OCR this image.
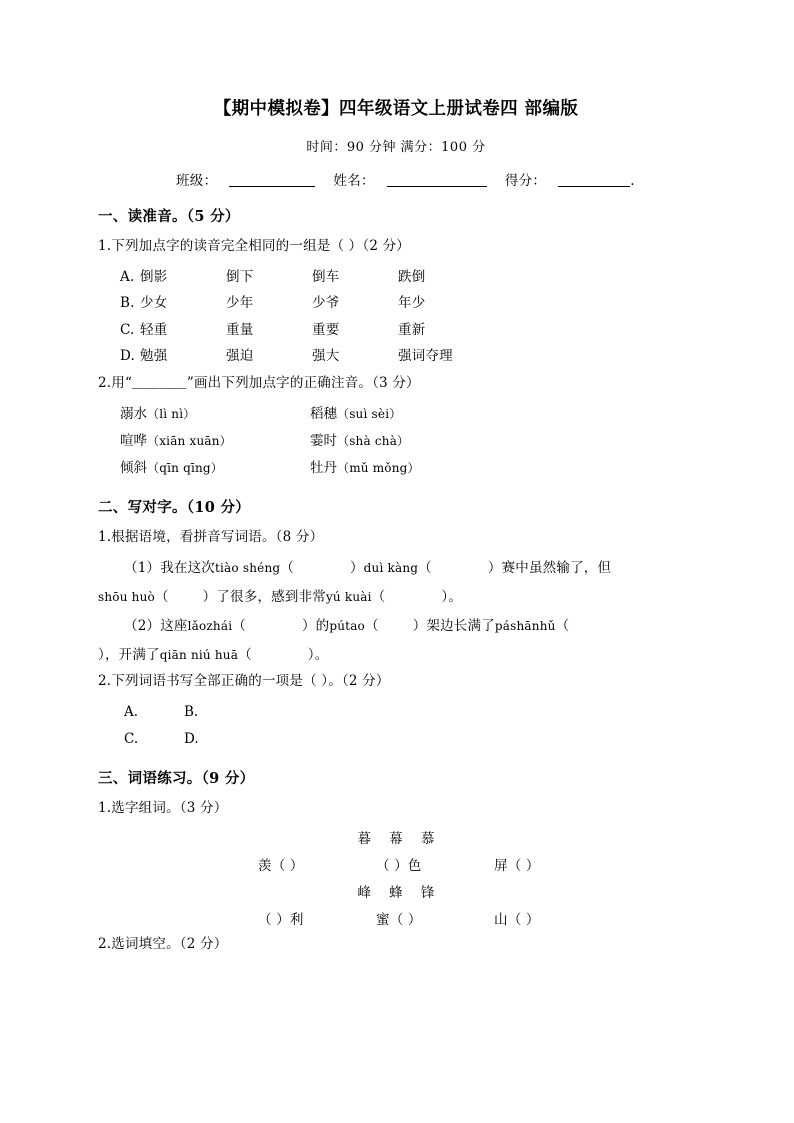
【期中模拟卷】四年级语文上册试卷四 部编版
时间：90 分钟 满分：100 分
班级：	姓名：	得分：	.
一、读准音。（5 分）
1.下列加点字的读音完全相同的一组是（ ）（2 分）
A. 倒影	倒下	倒车	跌倒
B. 少女	少年	少爷	年少
C. 轻重	重量	重要	重新
D. 勉强	强迫	强大	强词夺理
2.用“＿＿＿＿”画出下列加点字的正确注音。（3 分）
溺水（lì nì）	稻穗（suì sèi）
喧哗（xiān xuān）	霎时（shà chà）
倾斜（qīn qīng）	牡丹（mǔ mǒng）
二、写对字。（10 分）
1.根据语境，看拼音写词语。（8 分）
（1）我在这次tiào shéng（	）duì kàng（	）赛中虽然输了，但
shōu huò（	）了很多，感到非常yú kuài（	）。
（2）这座lǎozhái（	）的pútao（	）架边长满了páshānhǔ（
），开满了qiān niú huā（	）。
2.下列词语书写全部正确的一项是（ ）。（2 分）
A.	B.
C.	D.
三、词语练习。（9 分）
1.选字组词。（3 分）
暮 幕 慕
羡（ ）	（ ）色	屏（ ）
峰 蜂 锋
（ ）利	蜜（ ）	山（ ）
2.选词填空。（2 分）
